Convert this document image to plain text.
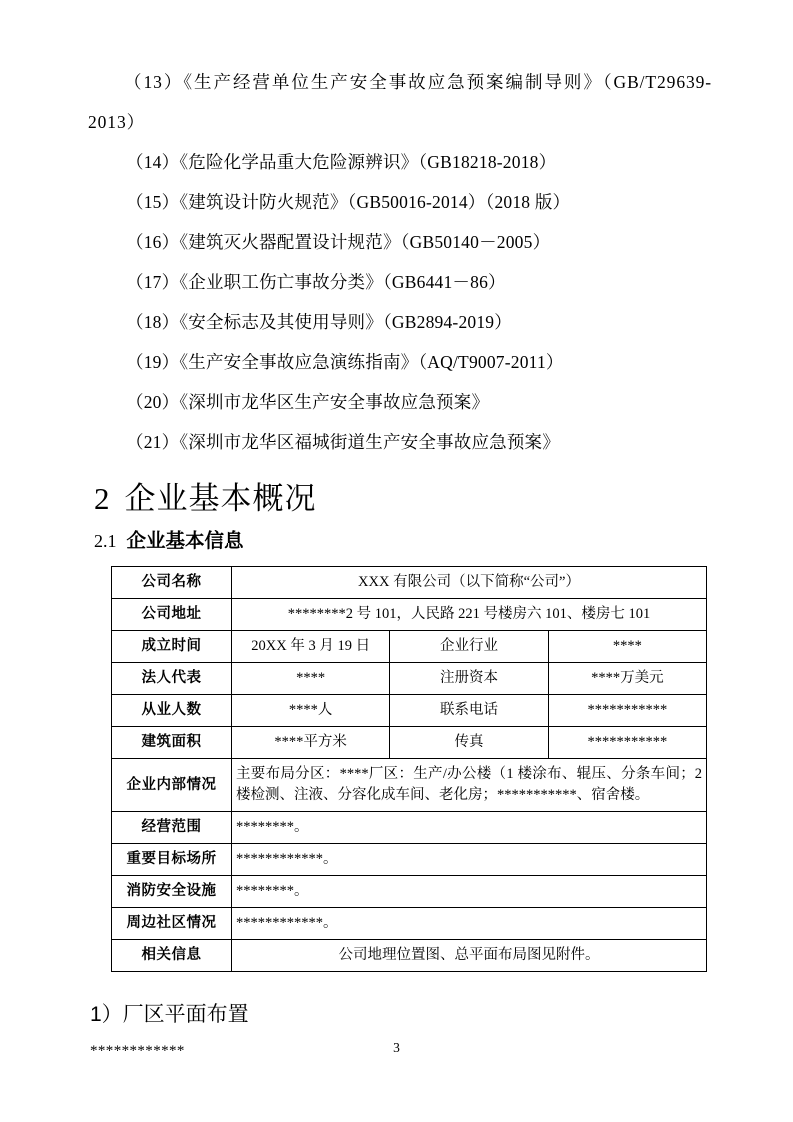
（13）《生产经营单位生产安全事故应急预案编制导则》（GB/T29639-2013）
（14）《危险化学品重大危险源辨识》（GB18218-2018）
（15）《建筑设计防火规范》（GB50016-2014）（2018 版）
（16）《建筑灭火器配置设计规范》（GB50140－2005）
（17）《企业职工伤亡事故分类》（GB6441－86）
（18）《安全标志及其使用导则》（GB2894-2019）
（19）《生产安全事故应急演练指南》（AQ/T9007-2011）
（20）《深圳市龙华区生产安全事故应急预案》
（21）《深圳市龙华区福城街道生产安全事故应急预案》
2 企业基本概况
2.1 企业基本信息
公司名称	XXX 有限公司（以下简称“公司”）		
公司地址	********2 号 101，人民路 221 号楼房六 101、楼房七 101		
成立时间	20XX 年 3 月 19 日	企业行业	****
法人代表	****	注册资本	****万美元
从业人数	****人	联系电话	***********
建筑面积	****平方米	传真	***********
企业内部情况	主要布局分区：****厂区：生产/办公楼（1 楼涂布、辊压、分条车间；2 楼检测、注液、分容化成车间、老化房；***********、宿舍楼。		
经营范围	********。		
重要目标场所	************。		
消防安全设施	********。		
周边社区情况	************。		
相关信息	公司地理位置图、总平面布局图见附件。		
1）厂区平面布置

************	3
